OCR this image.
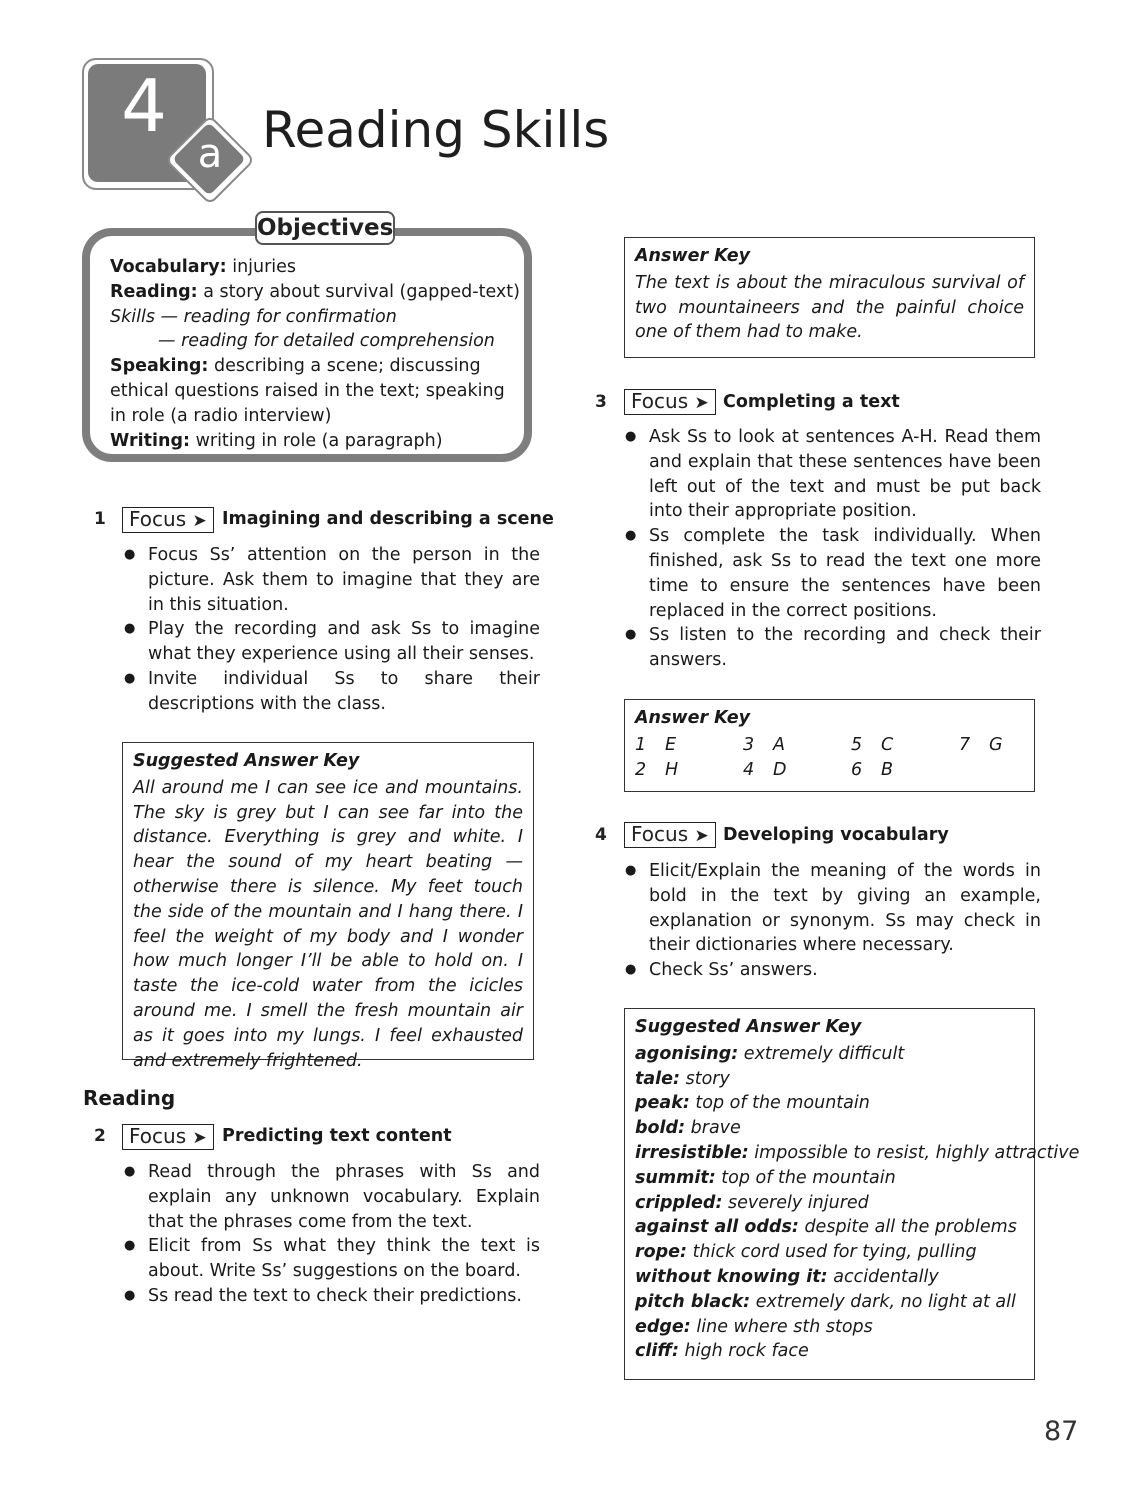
4
a Reading Skills
Objectives
Vocabulary: injuries
Reading: a story about survival (gapped-text)
Skills — reading for confirmation
— reading for detailed comprehension
Speaking: describing a scene; discussing ethical questions raised in the text; speaking in role (a radio interview)
Writing: writing in role (a paragraph)
1	Focus ➤ Imagining and describing a scene
● Focus Ss’ attention on the person in the picture. Ask them to imagine that they are in this situation.
● Play the recording and ask Ss to imagine what they experience using all their senses.
● Invite individual Ss to share their descriptions with the class.
Suggested Answer Key
All around me I can see ice and mountains. The sky is grey but I can see far into the distance. Everything is grey and white. I hear the sound of my heart beating — otherwise there is silence. My feet touch the side of the mountain and I hang there. I feel the weight of my body and I wonder how much longer I’ll be able to hold on. I taste the ice-cold water from the icicles around me. I smell the fresh mountain air as it goes into my lungs. I feel exhausted and extremely frightened.
Reading
2	Focus ➤ Predicting text content
● Read through the phrases with Ss and explain any unknown vocabulary. Explain that the phrases come from the text.
● Elicit from Ss what they think the text is about. Write Ss’ suggestions on the board.
● Ss read the text to check their predictions.
Answer Key
The text is about the miraculous survival of two mountaineers and the painful choice one of them had to make.
3	Focus ➤ Completing a text
● Ask Ss to look at sentences A-H. Read them and explain that these sentences have been left out of the text and must be put back into their appropriate position.
● Ss complete the task individually. When finished, ask Ss to read the text one more time to ensure the sentences have been replaced in the correct positions.
● Ss listen to the recording and check their answers.
Answer Key
1 E	3 A	5 C	7 G
2 H	4 D	6 B
4	Focus ➤ Developing vocabulary
● Elicit/Explain the meaning of the words in bold in the text by giving an example, explanation or synonym. Ss may check in their dictionaries where necessary.
● Check Ss’ answers.
Suggested Answer Key
agonising: extremely difficult
tale: story
peak: top of the mountain
bold: brave
irresistible: impossible to resist, highly attractive
summit: top of the mountain
crippled: severely injured
against all odds: despite all the problems
rope: thick cord used for tying, pulling
without knowing it: accidentally
pitch black: extremely dark, no light at all
edge: line where sth stops
cliff: high rock face
87
